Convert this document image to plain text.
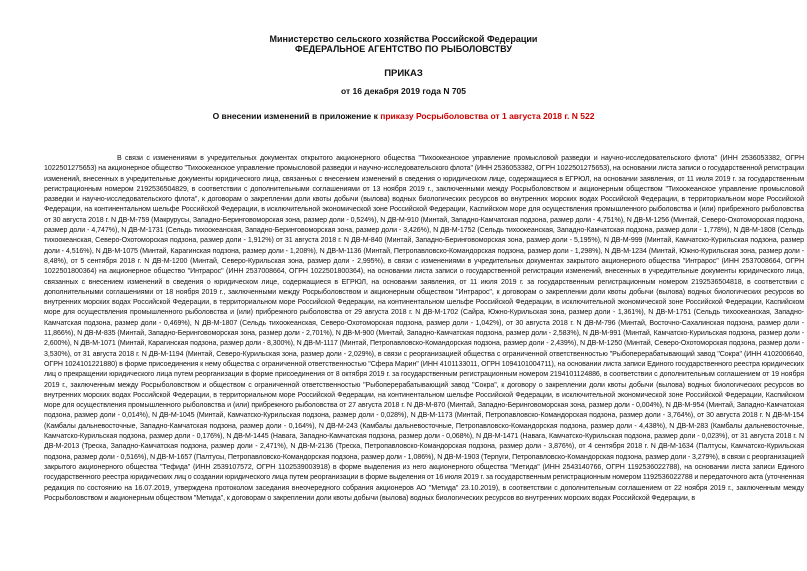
Министерство сельского хозяйства Российской Федерации
ФЕДЕРАЛЬНОЕ АГЕНТСТВО ПО РЫБОЛОВСТВУ
ПРИКАЗ
от 16 декабря 2019 года N 705
О внесении изменений в приложение к приказу Росрыболовства от 1 августа 2018 г. N 522
В связи с изменениями в учредительных документах открытого акционерного общества "Тихоокеанское управление промысловой разведки и научно-исследовательского флота" (ИНН 2536053382, ОГРН 1022501275653) на акционерное общество "Тихоокеанское управление промысловой разведки и научно-исследовательского флота" (ИНН 2536053382, ОГРН 1022501275653), на основании листа записи о государственной регистрации изменений, внесенных в учредительные документы юридического лица, связанных с внесением изменений в сведения о юридическом лице, содержащиеся в ЕГРЮЛ, на основании заявления, от 11 июля 2019 г. за государственным регистрационным номером 2192536504829, в соответствии с дополнительными соглашениями от 13 ноября 2019 г., заключенными между Росрыболовством и акционерным обществом "Тихоокеанское управление промысловой разведки и научно-исследовательского флота", к договорам о закреплении доли квоты добычи (вылова) водных биологических ресурсов во внутренних морских водах Российской Федерации, в территориальном море Российской Федерации, на континентальном шельфе Российской Федерации, в исключительной экономической зоне Российской Федерации, Каспийском море для осуществления промышленного рыболовства и (или) прибрежного рыболовства от 30 августа 2018 г. N ДВ-М-759 (Макрурусы, Западно-Беринговоморская зона, размер доли - 0,524%), N ДВ-М-910 (Минтай, Западно-Камчатская подзона, размер доли - 4,751%), N ДВ-М-1256 (Минтай, Северо-Охотоморская подзона, размер доли - 4,747%), N ДВ-М-1731 (Сельдь тихоокеанская, Западно-Беринговоморская зона, размер доли - 3,426%), N ДВ-М-1752 (Сельдь тихоокеанская, Западно-Камчатская подзона, размер доли - 1,778%), N ДВ-М-1808 (Сельдь тихоокеанская, Северо-Охотоморская подзона, размер доли - 1,912%) от 31 августа 2018 г. N ДВ-М-840 (Минтай, Западно-Беринговоморская зона, размер доли - 5,195%), N ДВ-М-999 (Минтай, Камчатско-Курильская подзона, размер доли - 4,516%), N ДВ-М-1075 (Минтай, Карагинская подзона, размер доли - 1,208%), N ДВ-М-1136 (Минтай, Петропавловско-Командорская подзона, размер доли - 1,298%), N ДВ-М-1234 (Минтай, Южно-Курильская зона, размер доли - 8,48%), от 5 сентября 2018 г. N ДВ-М-1200 (Минтай, Северо-Курильская зона, размер доли - 2,995%), в связи с изменениями в учредительных документах закрытого акционерного общества "Интрарос" (ИНН 2537008664, ОГРН 1022501800364) на акционерное общество "Интрарос" (ИНН 2537008664, ОГРН 1022501800364), на основании листа записи о государственной регистрации изменений, внесенных в учредительные документы юридического лица, связанных с внесением изменений в сведения о юридическом лице, содержащиеся в ЕГРЮЛ, на основании заявления, от 11 июля 2019 г. за государственным регистрационным номером 2192536504818, в соответствии с дополнительными соглашениями от 18 ноября 2019 г., заключенными между Росрыболовством и акционерным обществом "Интрарос", к договорам о закреплении доли квоты добычи (вылова) водных биологических ресурсов во внутренних морских водах Российской Федерации, в территориальном море Российской Федерации, на континентальном шельфе Российской Федерации, в исключительной экономической зоне Российской Федерации, Каспийском море для осуществления промышленного рыболовства и (или) прибрежного рыболовства от 29 августа 2018 г. N ДВ-М-1702 (Сайра, Южно-Курильская зона, размер доли - 1,361%), N ДВ-М-1751 (Сельдь тихоокеанская, Западно-Камчатская подзона, размер доли - 0,469%), N ДВ-М-1807 (Сельдь тихоокеанская, Северо-Охотоморская подзона, размер доли - 1,042%), от 30 августа 2018 г. N ДВ-М-796 (Минтай, Восточно-Сахалинская подзона, размер доли - 11,866%), N ДВ-М-835 (Минтай, Западно-Беринговоморская зона, размер доли - 2,701%), N ДВ-М-900 (Минтай, Западно-Камчатская подзона, размер доли - 2,583%), N ДВ-М-991 (Минтай, Камчатско-Курильская подзона, размер доли - 2,600%), N ДВ-М-1071 (Минтай, Карагинская подзона, размер доли - 8,300%), N ДВ-М-1117 (Минтай, Петропавловско-Командорская подзона, размер доли - 2,439%), N ДВ-М-1250 (Минтай, Северо-Охотоморская подзона, размер доли - 3,530%), от 31 августа 2018 г. N ДВ-М-1194 (Минтай, Северо-Курильская зона, размер доли - 2,029%), в связи с реорганизацией общества с ограниченной ответственностью "Рыбоперерабатывающий завод "Сокра" (ИНН 4102006640, ОГРН 1024101221880) в форме присоединения к нему общества с ограниченной ответственностью "Сфера Марин" (ИНН 4101133011, ОГРН 1094101004711), на основании листа записи Единого государственного реестра юридических лиц о прекращении юридического лица путем реорганизации в форме присоединения от 8 октября 2019 г. за государственным регистрационным номером 2194101124886, в соответствии с дополнительным соглашением от 19 ноября 2019 г., заключенным между Росрыболовством и обществом с ограниченной ответственностью "Рыбоперерабатывающий завод "Сокра", к договору о закреплении доли квоты добычи (вылова) водных биологических ресурсов во внутренних морских водах Российской Федерации, в территориальном море Российской Федерации, на континентальном шельфе Российской Федерации, в исключительной экономической зоне Российской Федерации, Каспийском море для осуществления промышленного рыболовства и (или) прибрежного рыболовства от 27 августа 2018 г. N ДВ-М-870 (Минтай, Западно-Беринговоморская зона, размер доли - 0,004%), N ДВ-М-954 (Минтай, Западно-Камчатская подзона, размер доли - 0,014%), N ДВ-М-1045 (Минтай, Камчатско-Курильская подзона, размер доли - 0,028%), N ДВ-М-1173 (Минтай, Петропавловско-Командорская подзона, размер доли - 3,764%), от 30 августа 2018 г. N ДВ-М-154 (Камбалы дальневосточные, Западно-Камчатская подзона, размер доли - 0,164%), N ДВ-М-243 (Камбалы дальневосточные, Петропавловско-Командорская подзона, размер доли - 4,438%), N ДВ-М-283 (Камбалы дальневосточные, Камчатско-Курильская подзона, размер доли - 0,176%), N ДВ-М-1445 (Навага, Западно-Камчатская подзона, размер доли - 0,068%), N ДВ-М-1471 (Навага, Камчатско-Курильская подзона, размер доли - 0,023%), от 31 августа 2018 г. N ДВ-М-2013 (Треска, Западно-Камчатская подзона, размер доли - 2,471%), N ДВ-М-2136 (Треска, Петропавловско-Командорская подзона, размер доли - 3,876%), от 4 сентября 2018 г. N ДВ-М-1634 (Палтусы, Камчатско-Курильская подзона, размер доли - 0,516%), N ДВ-М-1657 (Палтусы, Петропавловско-Командорская подзона, размер доли - 1,086%), N ДВ-М-1903 (Терпуги, Петропавловско-Командорская подзона, размер доли - 3,279%), в связи с реорганизацией закрытого акционерного общества "Тефида" (ИНН 2539107572, ОГРН 1102539003918) в форме выделения из него акционерного общества "Метида" (ИНН 2543140766, ОГРН 1192536022788), на основании листа записи Единого государственного реестра юридических лиц о создании юридического лица путем реорганизации в форме выделения от 16 июля 2019 г. за государственным регистрационным номером 1192536022788 и передаточного акта (уточненная редакция по состоянию на 16.07.2019, утверждена протоколом заседания внеочередного собрания акционеров АО "Метида" 23.10.2019), в соответствии с дополнительным соглашением от 22 ноября 2019 г., заключенным между Росрыболовством и акционерным обществом "Метида", к договорам о закреплении доли квоты добычи (вылова) водных биологических ресурсов во внутренних морских водах Российской Федерации, в
